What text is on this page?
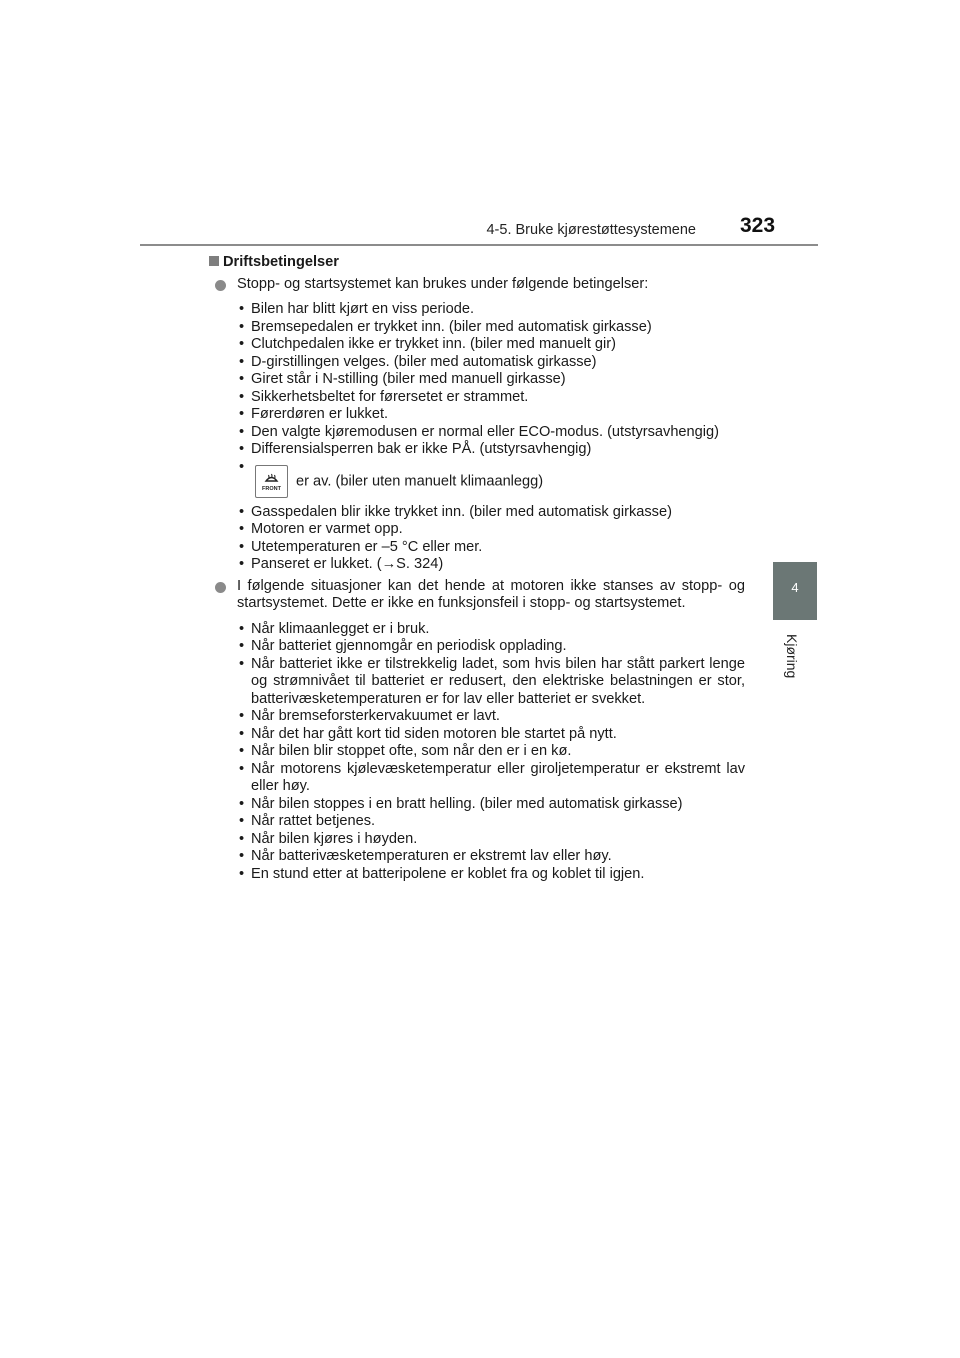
4-5. Bruke kjørestøttesystemene 323
4
Kjøring
Driftsbetingelser
Stopp- og startsystemet kan brukes under følgende betingelser:
• Bilen har blitt kjørt en viss periode.
• Bremsepedalen er trykket inn. (biler med automatisk girkasse)
• Clutchpedalen ikke er trykket inn. (biler med manuelt gir)
• D-girstillingen velges. (biler med automatisk girkasse)
• Giret står i N-stilling (biler med manuell girkasse)
• Sikkerhetsbeltet for førersetet er strammet.
• Førerdøren er lukket.
• Den valgte kjøremodusen er normal eller ECO-modus. (utstyrsavhengig)
• Differensialsperren bak er ikke PÅ. (utstyrsavhengig)
• FRONT er av. (biler uten manuelt klimaanlegg)
• Gasspedalen blir ikke trykket inn. (biler med automatisk girkasse)
• Motoren er varmet opp.
• Utetemperaturen er –5 °C eller mer.
• Panseret er lukket. (→S. 324)
I følgende situasjoner kan det hende at motoren ikke stanses av stopp- og startsystemet. Dette er ikke en funksjonsfeil i stopp- og startsystemet.
• Når klimaanlegget er i bruk.
• Når batteriet gjennomgår en periodisk opplading.
• Når batteriet ikke er tilstrekkelig ladet, som hvis bilen har stått parkert lenge og strømnivået til batteriet er redusert, den elektriske belastningen er stor, batterivæsketemperaturen er for lav eller batteriet er svekket.
• Når bremseforsterkervakuumet er lavt.
• Når det har gått kort tid siden motoren ble startet på nytt.
• Når bilen blir stoppet ofte, som når den er i en kø.
• Når motorens kjølevæsketemperatur eller giroljetemperatur er ekstremt lav eller høy.
• Når bilen stoppes i en bratt helling. (biler med automatisk girkasse)
• Når rattet betjenes.
• Når bilen kjøres i høyden.
• Når batterivæsketemperaturen er ekstremt lav eller høy.
• En stund etter at batteripolene er koblet fra og koblet til igjen.
